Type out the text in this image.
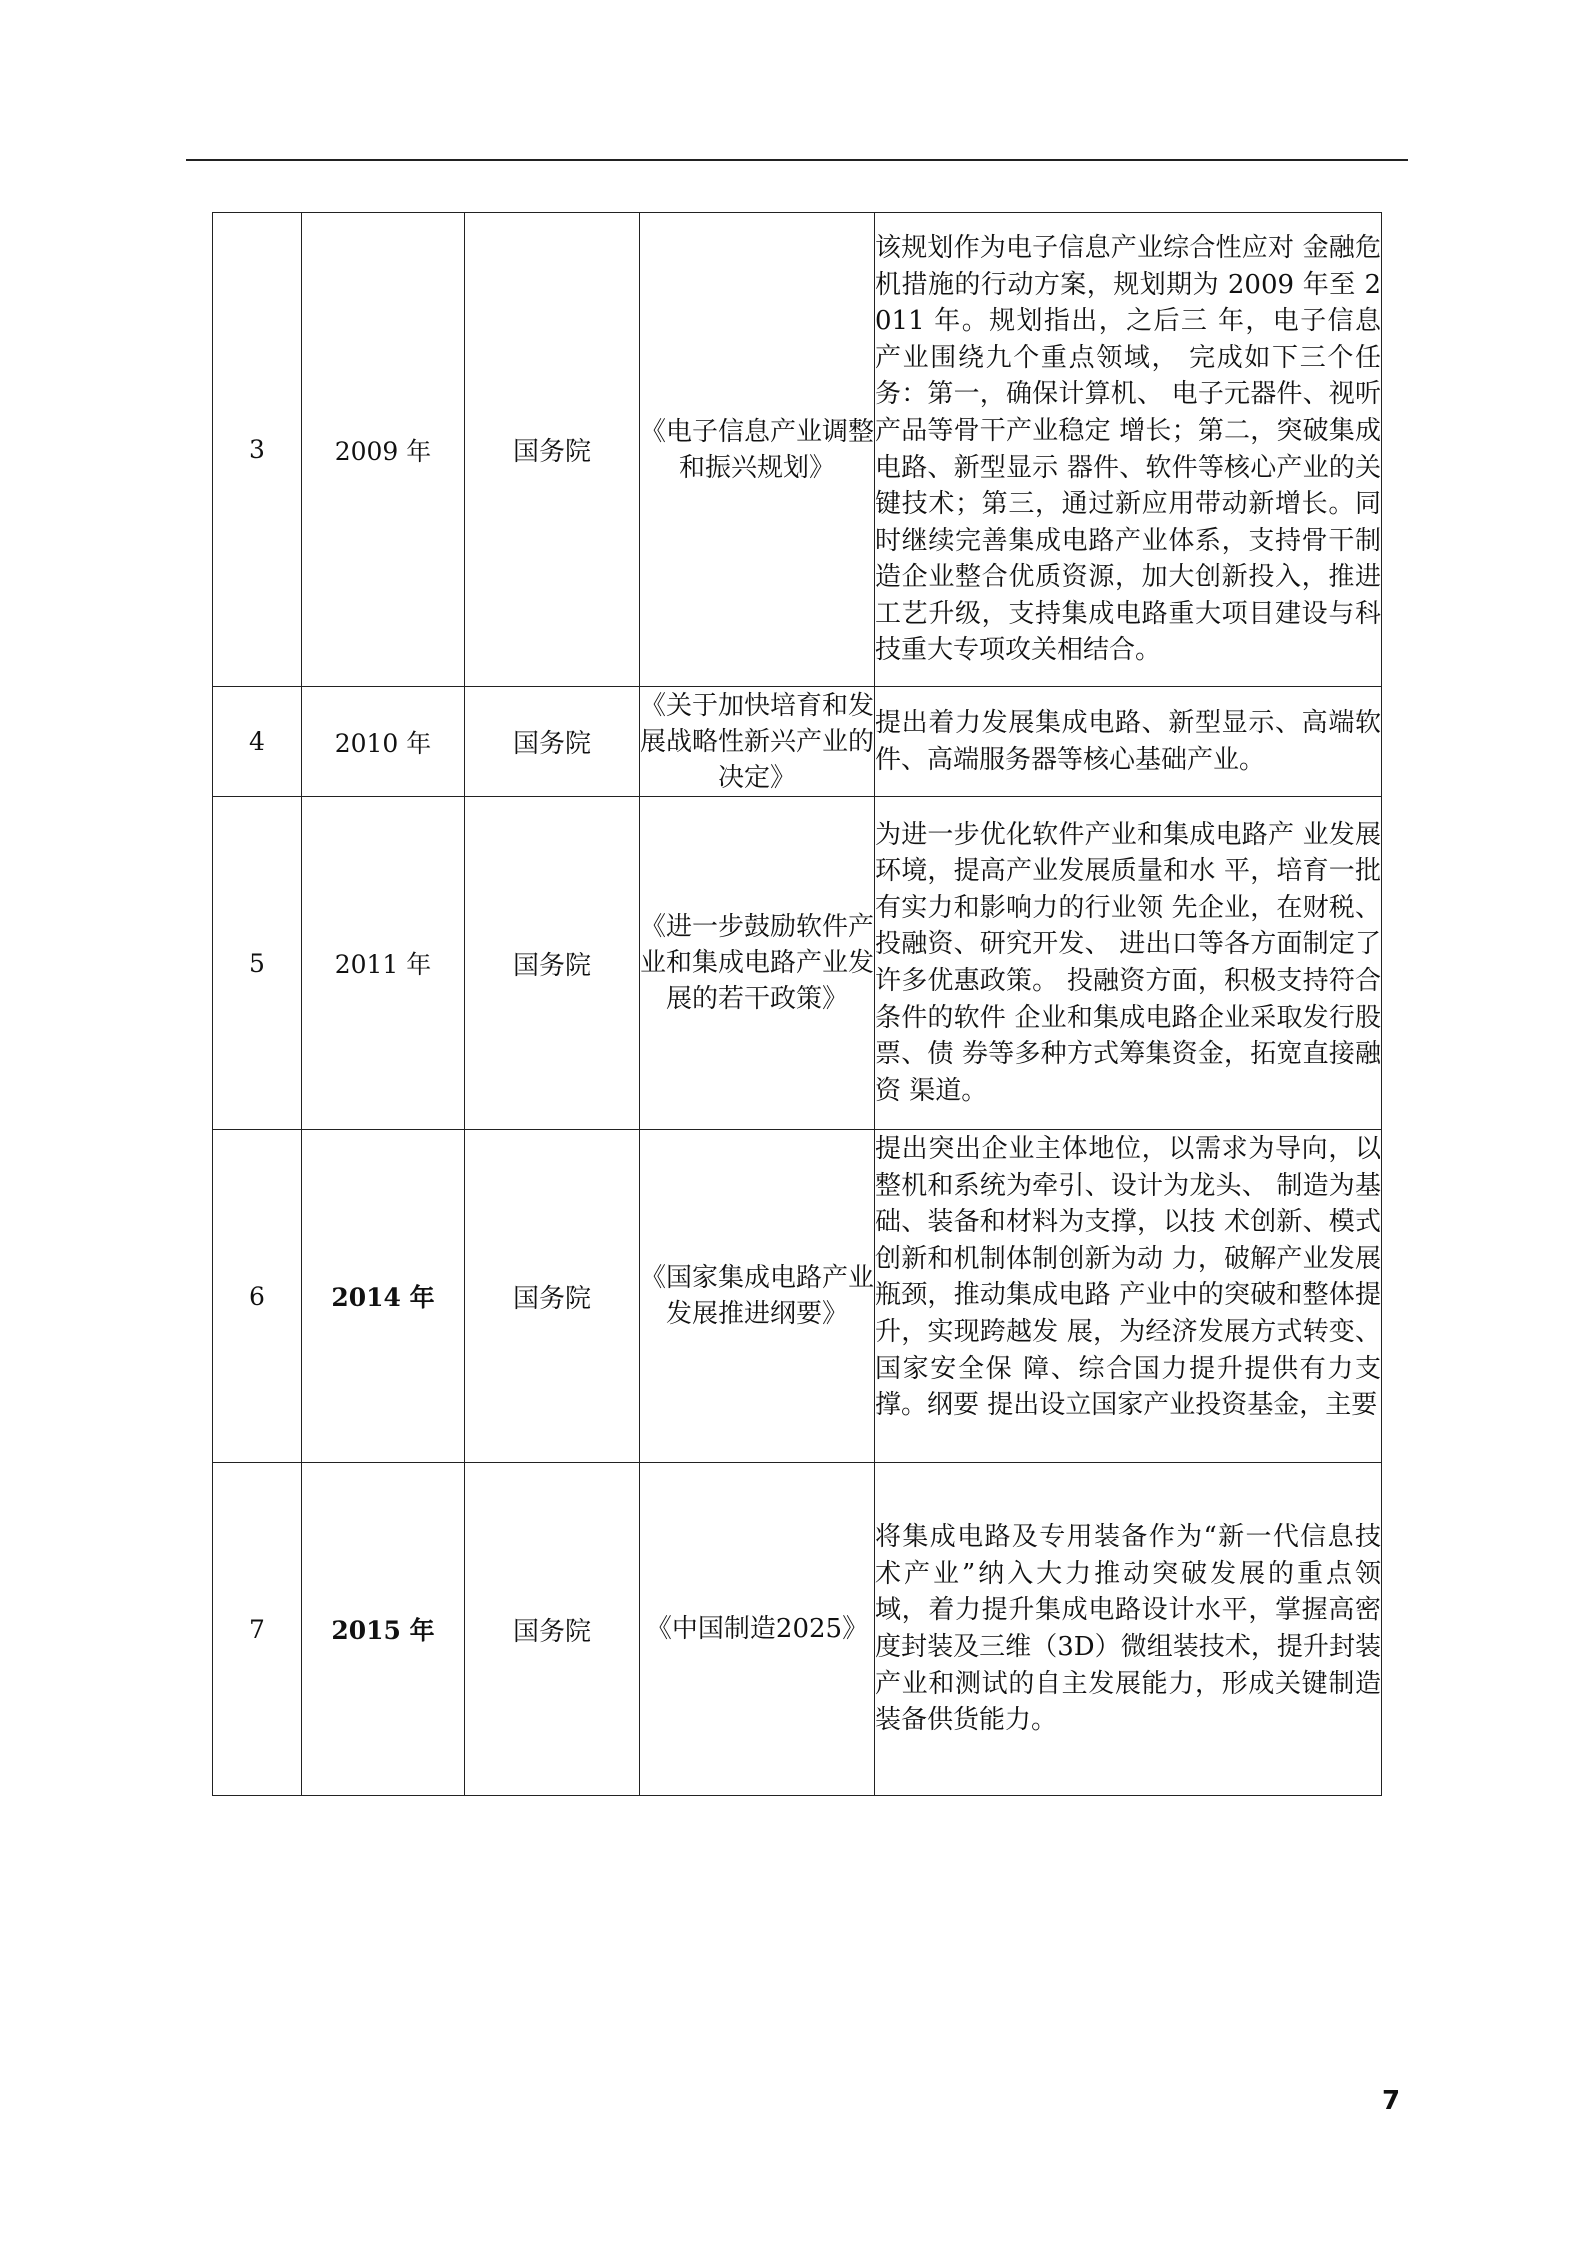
3	2009 年	国务院	《电子信息产业调整和振兴规划》	该规划作为电子信息产业综合性应对 金融危机措施的行动方案，规划期为 2009 年至 2011 年。规划指出，之后三 年，电子信息产业围绕九个重点领域， 完成如下三个任务：第一，确保计算机、 电子元器件、视听产品等骨干产业稳定 增长；第二，突破集成电路、新型显示 器件、软件等核心产业的关键技术；第三，通过新应用带动新增长。同时继续完善集成电路产业体系，支持骨干制造企业整合优质资源，加大创新投入，推进工艺升级，支持集成电路重大项目建设与科技重大专项攻关相结合。

4	2010 年	国务院	《关于加快培育和发展战略性新兴产业的决定》	提出着力发展集成电路、新型显示、高端软件、高端服务器等核心基础产业。

5	2011 年	国务院	《进一步鼓励软件产业和集成电路产业发展的若干政策》	为进一步优化软件产业和集成电路产 业发展环境，提高产业发展质量和水 平，培育一批有实力和影响力的行业领 先企业，在财税、投融资、研究开发、 进出口等各方面制定了许多优惠政策。 投融资方面，积极支持符合条件的软件 企业和集成电路企业采取发行股票、债 券等多种方式筹集资金，拓宽直接融资 渠道。

6	2014 年	国务院	《国家集成电路产业发展推进纲要》	提出突出企业主体地位，以需求为导向，以整机和系统为牵引、设计为龙头、 制造为基础、装备和材料为支撑，以技 术创新、模式创新和机制体制创新为动 力，破解产业发展瓶颈，推动集成电路 产业中的突破和整体提升，实现跨越发 展，为经济发展方式转变、国家安全保 障、综合国力提升提供有力支撑。纲要 提出设立国家产业投资基金，主要

7	2015 年	国务院	《中国制造2025》	将集成电路及专用装备作为“新一代信息技术产业”纳入大力推动突破发展的重点领域，着力提升集成电路设计水平，掌握高密度封装及三维（3D）微组装技术，提升封装产业和测试的自主发展能力，形成关键制造装备供货能力。
7
